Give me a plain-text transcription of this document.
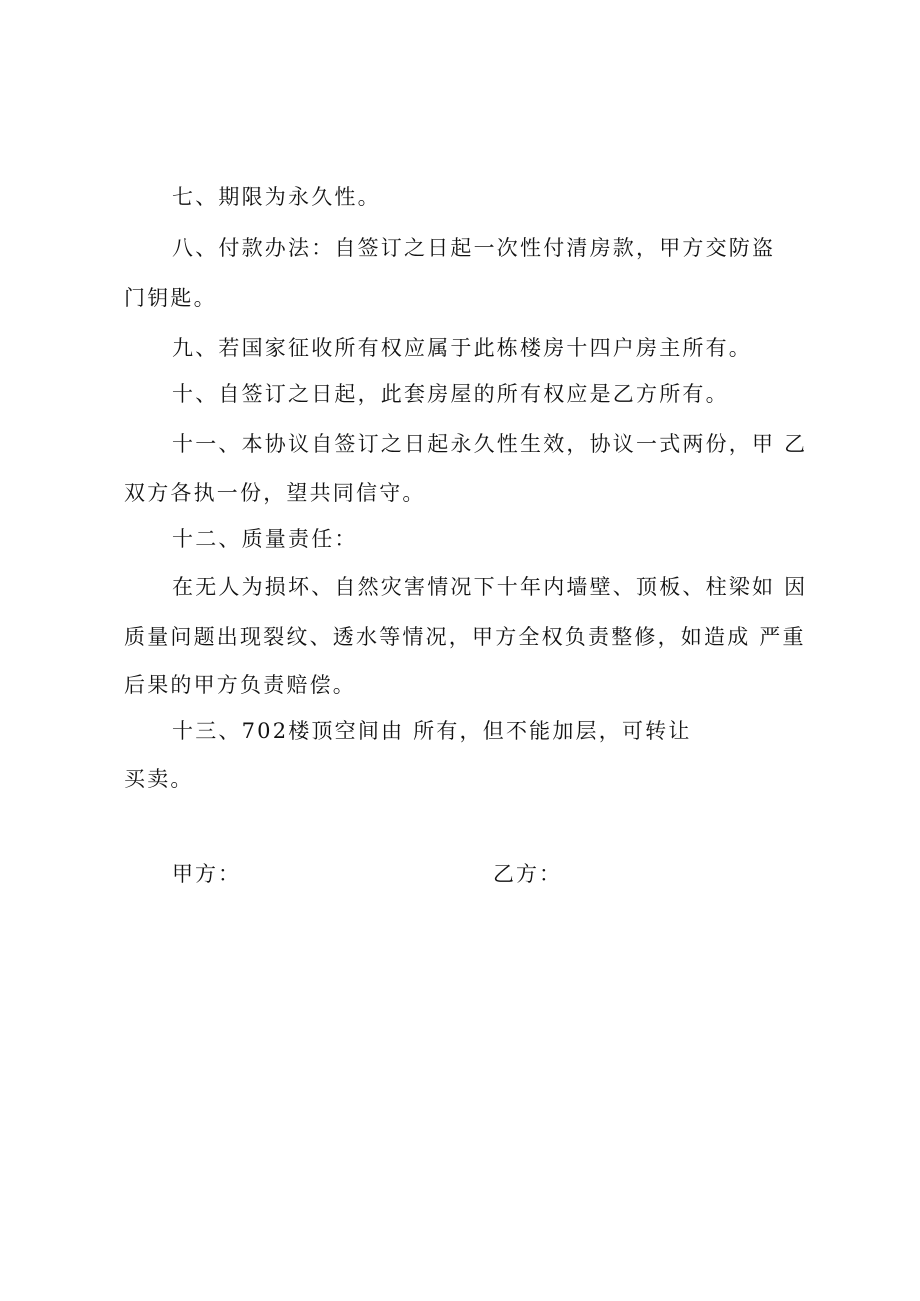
七、期限为永久性。
八、付款办法：自签订之日起一次性付清房款，甲方交防盗
门钥匙。
九、若国家征收所有权应属于此栋楼房十四户房主所有。
十、自签订之日起，此套房屋的所有权应是乙方所有。
十一、本协议自签订之日起永久性生效，协议一式两份，甲 乙
双方各执一份，望共同信守。
十二、质量责任：
在无人为损坏、自然灾害情况下十年内墙壁、顶板、柱梁如 因
质量问题出现裂纹、透水等情况，甲方全权负责整修，如造成 严重
后果的甲方负责赔偿。
十三、702楼顶空间由 所有，但不能加层，可转让
买卖。
甲方：	乙方：
